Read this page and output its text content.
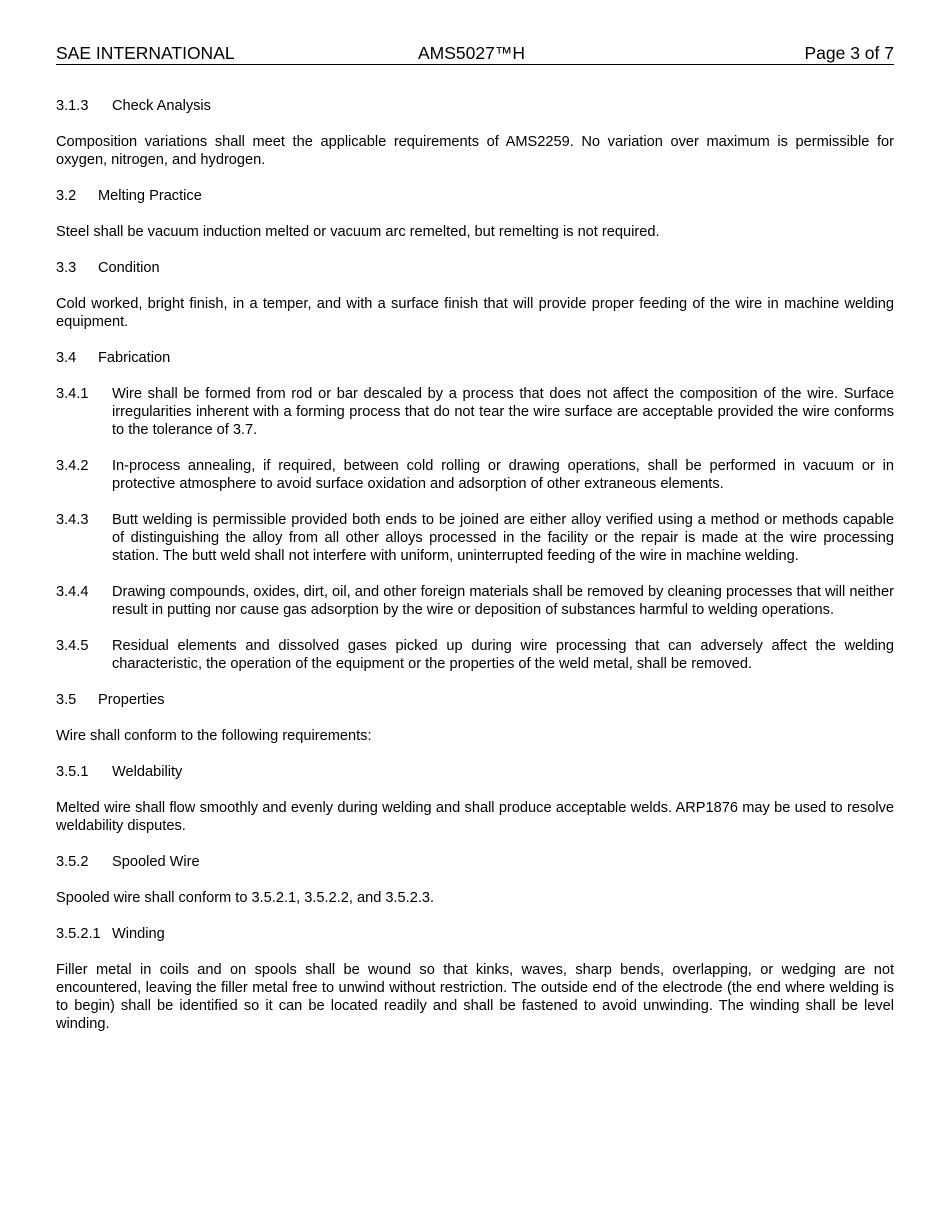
SAE INTERNATIONAL	AMS5027™H	Page 3 of 7
3.1.3	Check Analysis
Composition variations shall meet the applicable requirements of AMS2259. No variation over maximum is permissible for oxygen, nitrogen, and hydrogen.
3.2	Melting Practice
Steel shall be vacuum induction melted or vacuum arc remelted, but remelting is not required.
3.3	Condition
Cold worked, bright finish, in a temper, and with a surface finish that will provide proper feeding of the wire in machine welding equipment.
3.4	Fabrication
3.4.1	Wire shall be formed from rod or bar descaled by a process that does not affect the composition of the wire. Surface irregularities inherent with a forming process that do not tear the wire surface are acceptable provided the wire conforms to the tolerance of 3.7.
3.4.2	In-process annealing, if required, between cold rolling or drawing operations, shall be performed in vacuum or in protective atmosphere to avoid surface oxidation and adsorption of other extraneous elements.
3.4.3	Butt welding is permissible provided both ends to be joined are either alloy verified using a method or methods capable of distinguishing the alloy from all other alloys processed in the facility or the repair is made at the wire processing station. The butt weld shall not interfere with uniform, uninterrupted feeding of the wire in machine welding.
3.4.4	Drawing compounds, oxides, dirt, oil, and other foreign materials shall be removed by cleaning processes that will neither result in putting nor cause gas adsorption by the wire or deposition of substances harmful to welding operations.
3.4.5	Residual elements and dissolved gases picked up during wire processing that can adversely affect the welding characteristic, the operation of the equipment or the properties of the weld metal, shall be removed.
3.5	Properties
Wire shall conform to the following requirements:
3.5.1	Weldability
Melted wire shall flow smoothly and evenly during welding and shall produce acceptable welds. ARP1876 may be used to resolve weldability disputes.
3.5.2	Spooled Wire
Spooled wire shall conform to 3.5.2.1, 3.5.2.2, and 3.5.2.3.
3.5.2.1 Winding
Filler metal in coils and on spools shall be wound so that kinks, waves, sharp bends, overlapping, or wedging are not encountered, leaving the filler metal free to unwind without restriction. The outside end of the electrode (the end where welding is to begin) shall be identified so it can be located readily and shall be fastened to avoid unwinding. The winding shall be level winding.
